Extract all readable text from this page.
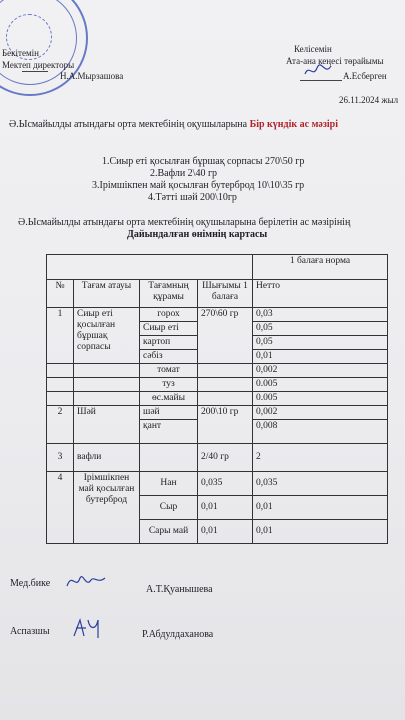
Бекітемін
Мектеп директоры
Н.А.Мырзашова
Келісемін
Ата-ана кеңесі төрайымы
А.Есберген
26.11.2024 жыл
Ә.Ысмайылды атындағы орта мектебінің оқушыларына Бір күндік ас мәзірі
1.Сиыр еті қосылған бұршақ сорпасы 270\50 гр
2.Вафли 2\40 гр
3.Ірімшікпен май қосылған бутерброд 10\10\35 гр
4.Тәтті шәй 200\10гр
Ә.Ысмайылды атындағы орта мектебінің оқушыларына берілетін ас мәзірінің
Дайындалған өнімнің картасы
				1 балаға норма
№	Тағам атауы	Тағамның құрамы	Шығымы 1 балаға	Нетто
1	Сиыр еті қосылған бұршақ сорпасы	горох	270\60 гр	0,03
		Сиыр еті		0,05
		картоп		0,05
		сәбіз		0,01
		томат		0,002
		туз		0.005
		өс.майы		0.005
2	Шәй	шәй	200\10 гр	0,002
		қант		0,008
3	вафли		2/40 гр	2
4	Ірімшікпен май қосылған бутерброд	Нан	0,035	0,035
		Сыр	0,01	0,01
		Сары май	0,01	0,01
Мед.бике
А.Т.Қуанышева
Аспазшы	Р.Абдулдаханова
